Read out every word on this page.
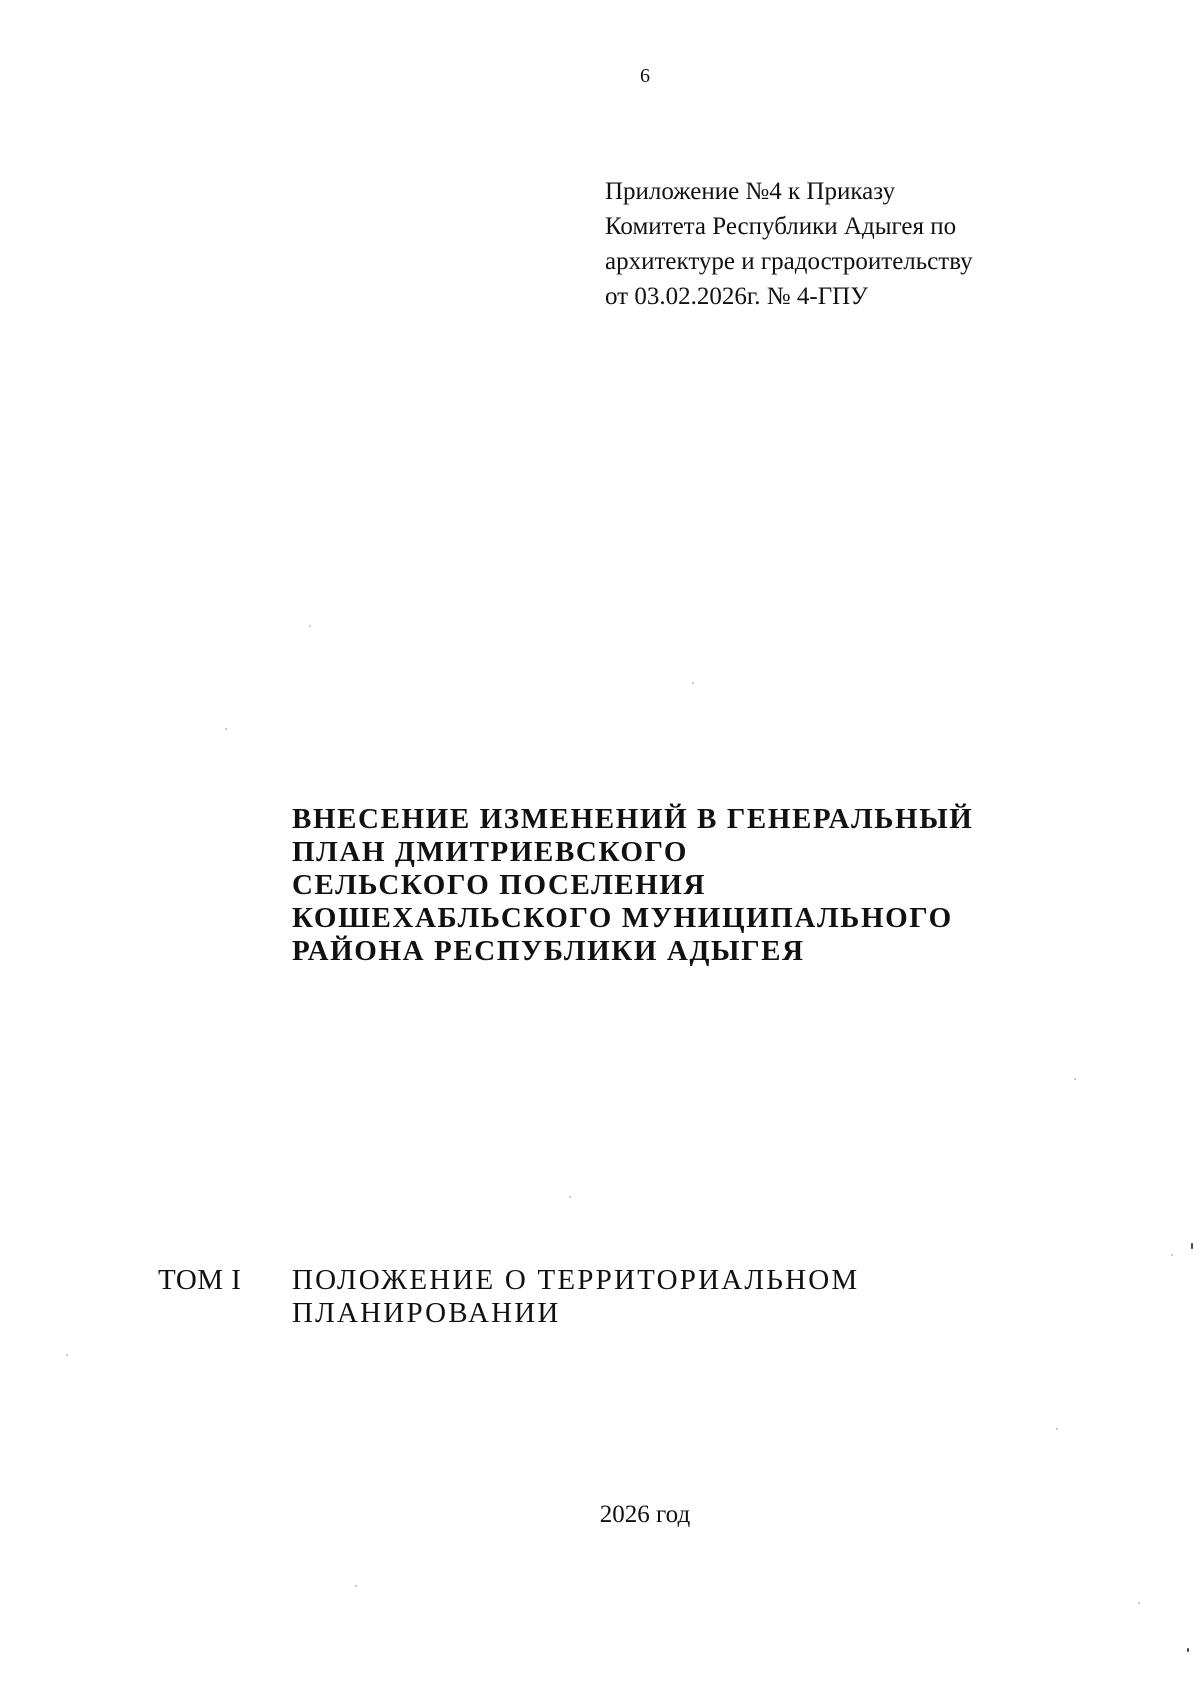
6
Приложение №4 к Приказу
Комитета Республики Адыгея по
архитектуре и градостроительству
от 03.02.2026г. № 4-ГПУ
ВНЕСЕНИЕ ИЗМЕНЕНИЙ В ГЕНЕРАЛЬНЫЙ
ПЛАН ДМИТРИЕВСКОГО
СЕЛЬСКОГО ПОСЕЛЕНИЯ
КОШЕХАБЛЬСКОГО МУНИЦИПАЛЬНОГО
РАЙОНА РЕСПУБЛИКИ АДЫГЕЯ
ТОМ I ПОЛОЖЕНИЕ О ТЕРРИТОРИАЛЬНОМ
ПЛАНИРОВАНИИ
2026 год
